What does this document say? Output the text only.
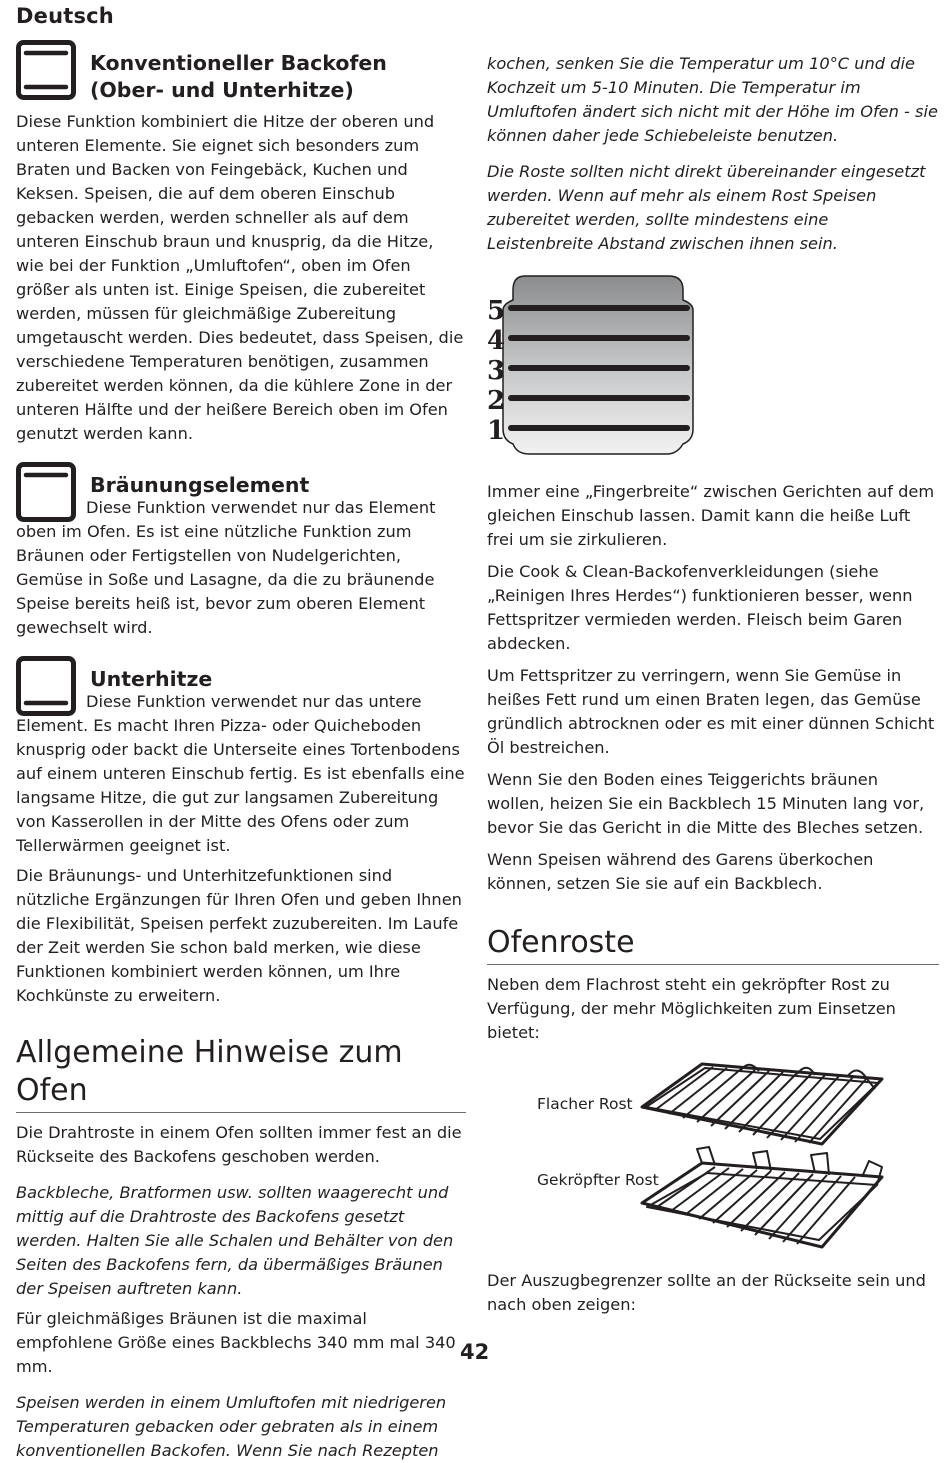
Deutsch
Konventioneller Backofen (Ober- und Unterhitze)

Diese Funktion kombiniert die Hitze der oberen und unteren Elemente. Sie eignet sich besonders zum Braten und Backen von Feingebäck, Kuchen und Keksen. Speisen, die auf dem oberen Einschub gebacken werden, werden schneller als auf dem unteren Einschub braun und knusprig, da die Hitze, wie bei der Funktion „Umluftofen“, oben im Ofen größer als unten ist. Einige Speisen, die zubereitet werden, müssen für gleichmäßige Zubereitung umgetauscht werden. Dies bedeutet, dass Speisen, die verschiedene Temperaturen benötigen, zusammen zubereitet werden können, da die kühlere Zone in der unteren Hälfte und der heißere Bereich oben im Ofen genutzt werden kann.

Bräunungselement

Diese Funktion verwendet nur das Element oben im Ofen. Es ist eine nützliche Funktion zum Bräunen oder Fertigstellen von Nudelgerichten, Gemüse in Soße und Lasagne, da die zu bräunende Speise bereits heiß ist, bevor zum oberen Element gewechselt wird.

Unterhitze

Diese Funktion verwendet nur das untere Element. Es macht Ihren Pizza- oder Quicheboden knusprig oder backt die Unterseite eines Tortenbodens auf einem unteren Einschub fertig. Es ist ebenfalls eine langsame Hitze, die gut zur langsamen Zubereitung von Kasserollen in der Mitte des Ofens oder zum Tellerwärmen geeignet ist.

Die Bräunungs- und Unterhitzefunktionen sind nützliche Ergänzungen für Ihren Ofen und geben Ihnen die Flexibilität, Speisen perfekt zuzubereiten. Im Laufe der Zeit werden Sie schon bald merken, wie diese Funktionen kombiniert werden können, um Ihre Kochkünste zu erweitern.

Allgemeine Hinweise zum Ofen

Die Drahtroste in einem Ofen sollten immer fest an die Rückseite des Backofens geschoben werden.

Backbleche, Bratformen usw. sollten waagerecht und mittig auf die Drahtroste des Backofens gesetzt werden. Halten Sie alle Schalen und Behälter von den Seiten des Backofens fern, da übermäßiges Bräunen der Speisen auftreten kann.

Für gleichmäßiges Bräunen ist die maximal empfohlene Größe eines Backblechs 340 mm mal 340 mm.

Speisen werden in einem Umluftofen mit niedrigeren Temperaturen gebacken oder gebraten als in einem konventionellen Backofen. Wenn Sie nach Rezepten

kochen, senken Sie die Temperatur um 10°C und die Kochzeit um 5-10 Minuten. Die Temperatur im Umluftofen ändert sich nicht mit der Höhe im Ofen - sie können daher jede Schiebeleiste benutzen.

Die Roste sollten nicht direkt übereinander eingesetzt werden. Wenn auf mehr als einem Rost Speisen zubereitet werden, sollte mindestens eine Leistenbreite Abstand zwischen ihnen sein.

5
4
3
2
1

Immer eine „Fingerbreite“ zwischen Gerichten auf dem gleichen Einschub lassen. Damit kann die heiße Luft frei um sie zirkulieren.

Die Cook & Clean-Backofenverkleidungen (siehe „Reinigen Ihres Herdes“) funktionieren besser, wenn Fettspritzer vermieden werden. Fleisch beim Garen abdecken.

Um Fettspritzer zu verringern, wenn Sie Gemüse in heißes Fett rund um einen Braten legen, das Gemüse gründlich abtrocknen oder es mit einer dünnen Schicht Öl bestreichen.

Wenn Sie den Boden eines Teiggerichts bräunen wollen, heizen Sie ein Backblech 15 Minuten lang vor, bevor Sie das Gericht in die Mitte des Bleches setzen.

Wenn Speisen während des Garens überkochen können, setzen Sie sie auf ein Backblech.

Ofenroste

Neben dem Flachrost steht ein gekröpfter Rost zu Verfügung, der mehr Möglichkeiten zum Einsetzen bietet:

Flacher Rost
Gekröpfter Rost

Der Auszugbegrenzer sollte an der Rückseite sein und nach oben zeigen:

42
